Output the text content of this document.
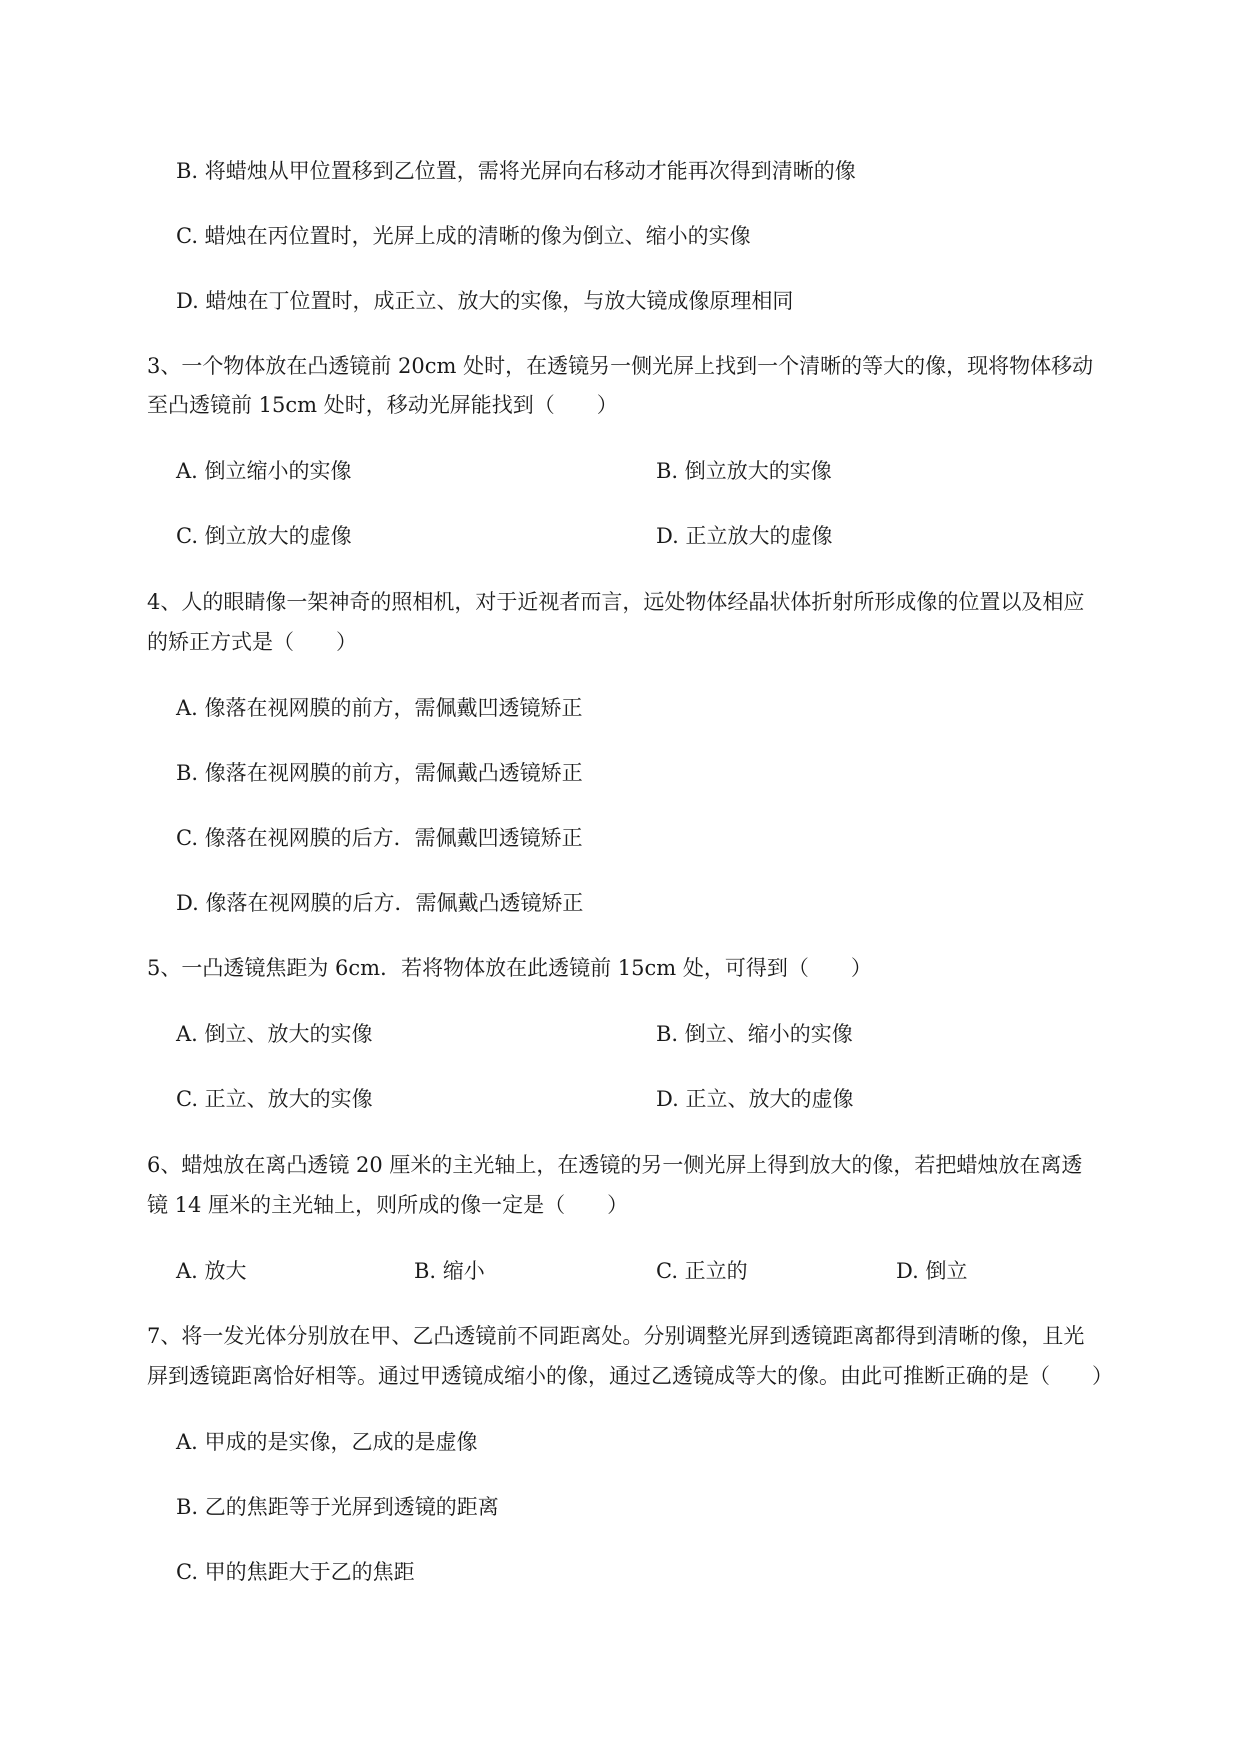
B. 将蜡烛从甲位置移到乙位置，需将光屏向右移动才能再次得到清晰的像
C. 蜡烛在丙位置时，光屏上成的清晰的像为倒立、缩小的实像
D. 蜡烛在丁位置时，成正立、放大的实像，与放大镜成像原理相同
3、一个物体放在凸透镜前 20cm 处时，在透镜另一侧光屏上找到一个清晰的等大的像，现将物体移动
至凸透镜前 15cm 处时，移动光屏能找到（　　）
A. 倒立缩小的实像	B. 倒立放大的实像
C. 倒立放大的虚像	D. 正立放大的虚像
4、人的眼睛像一架神奇的照相机，对于近视者而言，远处物体经晶状体折射所形成像的位置以及相应
的矫正方式是（　　）
A. 像落在视网膜的前方，需佩戴凹透镜矫正
B. 像落在视网膜的前方，需佩戴凸透镜矫正
C. 像落在视网膜的后方．需佩戴凹透镜矫正
D. 像落在视网膜的后方．需佩戴凸透镜矫正
5、一凸透镜焦距为 6cm．若将物体放在此透镜前 15cm 处，可得到（　　）
A. 倒立、放大的实像	B. 倒立、缩小的实像
C. 正立、放大的实像	D. 正立、放大的虚像
6、蜡烛放在离凸透镜 20 厘米的主光轴上，在透镜的另一侧光屏上得到放大的像，若把蜡烛放在离透
镜 14 厘米的主光轴上，则所成的像一定是（　　）
A. 放大	B. 缩小	C. 正立的	D. 倒立
7、将一发光体分别放在甲、乙凸透镜前不同距离处。分别调整光屏到透镜距离都得到清晰的像，且光
屏到透镜距离恰好相等。通过甲透镜成缩小的像，通过乙透镜成等大的像。由此可推断正确的是（　　）
A. 甲成的是实像，乙成的是虚像
B. 乙的焦距等于光屏到透镜的距离
C. 甲的焦距大于乙的焦距
